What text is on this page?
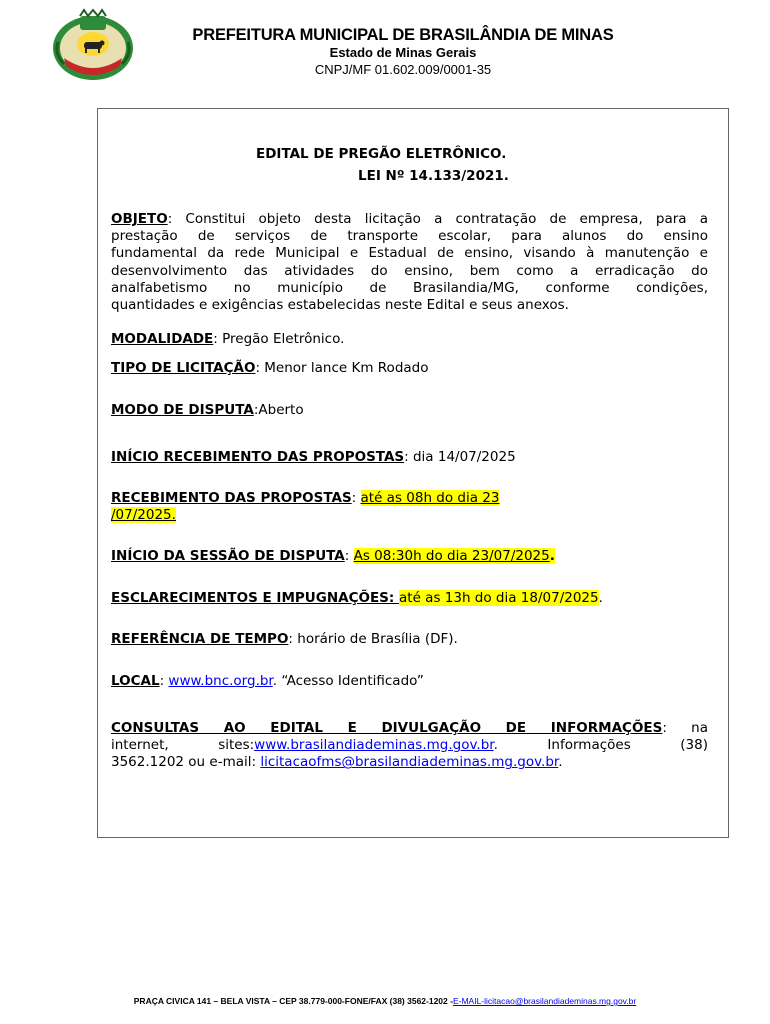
PREFEITURA MUNICIPAL DE BRASILÂNDIA DE MINAS
Estado de Minas Gerais
CNPJ/MF 01.602.009/0001-35
EDITAL DE PREGÃO ELETRÔNICO.
LEI Nº 14.133/2021.
OBJETO: Constitui objeto desta licitação a contratação de empresa, para a
prestação de serviços de transporte escolar, para alunos do ensino
fundamental da rede Municipal e Estadual de ensino, visando à manutenção e
desenvolvimento das atividades do ensino, bem como a erradicação do
analfabetismo no município de Brasilandia/MG, conforme condições,
quantidades e exigências estabelecidas neste Edital e seus anexos.
MODALIDADE: Pregão Eletrônico.
TIPO DE LICITAÇÃO: Menor lance Km Rodado
MODO DE DISPUTA:Aberto
INÍCIO RECEBIMENTO DAS PROPOSTAS: dia 14/07/2025
RECEBIMENTO DAS PROPOSTAS: até as 08h do dia 23
/07/2025.
INÍCIO DA SESSÃO DE DISPUTA: As 08:30h do dia 23/07/2025.
ESCLARECIMENTOS E IMPUGNAÇÕES: até as 13h do dia 18/07/2025.
REFERÊNCIA DE TEMPO: horário de Brasília (DF).
LOCAL: www.bnc.org.br. “Acesso Identificado”
CONSULTAS AO EDITAL E DIVULGAÇÃO DE INFORMAÇÕES: na
internet, sites:www.brasilandiademinas.mg.gov.br. Informações (38)
3562.1202 ou e-mail: licitacaofms@brasilandiademinas.mg.gov.br.
PRAÇA CIVICA 141 – BELA VISTA – CEP 38.779-000-FONE/FAX (38) 3562-1202 -E-MAIL-licitacao@brasilandiademinas.mg.gov.br
